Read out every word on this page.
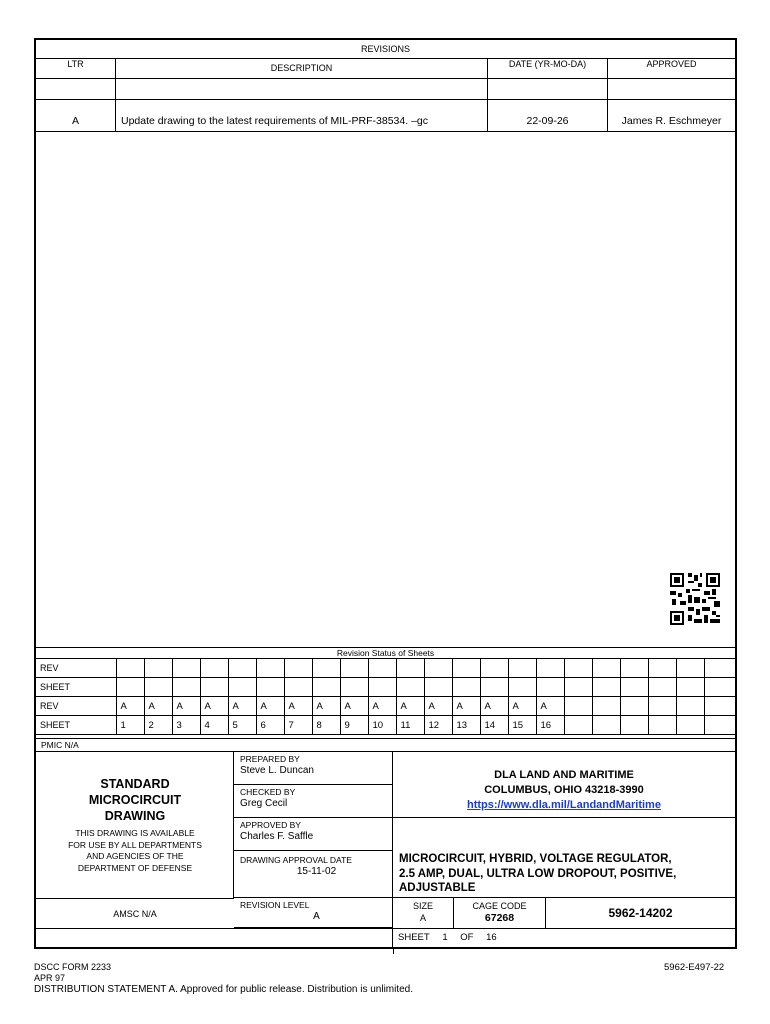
REVISIONS
LTR	DESCRIPTION	DATE (YR-MO-DA)	APPROVED
A	Update drawing to the latest requirements of MIL-PRF-38534. –gc	22-09-26	James R. Eschmeyer
Revision Status of Sheets
REV																						
SHEET																						
REV	A	A	A	A	A	A	A	A	A	A	A	A	A	A	A	A						
SHEET	1	2	3	4	5	6	7	8	9	10	11	12	13	14	15	16						
PMIC N/A
STANDARD
MICROCIRCUIT
DRAWING
THIS DRAWING IS AVAILABLE
FOR USE BY ALL DEPARTMENTS
AND AGENCIES OF THE
DEPARTMENT OF DEFENSE
PREPARED BY
Steve L. Duncan
CHECKED BY
Greg Cecil
APPROVED BY
Charles F. Saffle
DRAWING APPROVAL DATE
15-11-02
REVISION LEVEL
A
DLA LAND AND MARITIME
COLUMBUS, OHIO 43218-3990
https://www.dla.mil/LandandMaritime
MICROCIRCUIT, HYBRID, VOLTAGE REGULATOR,
2.5 AMP, DUAL, ULTRA LOW DROPOUT, POSITIVE,
ADJUSTABLE
AMSC N/A
SIZE
A
CAGE CODE
67268	5962-14202
SHEET 1 OF 16
DSCC FORM 2233
APR 97
DISTRIBUTION STATEMENT A. Approved for public release. Distribution is unlimited.
5962-E497-22
